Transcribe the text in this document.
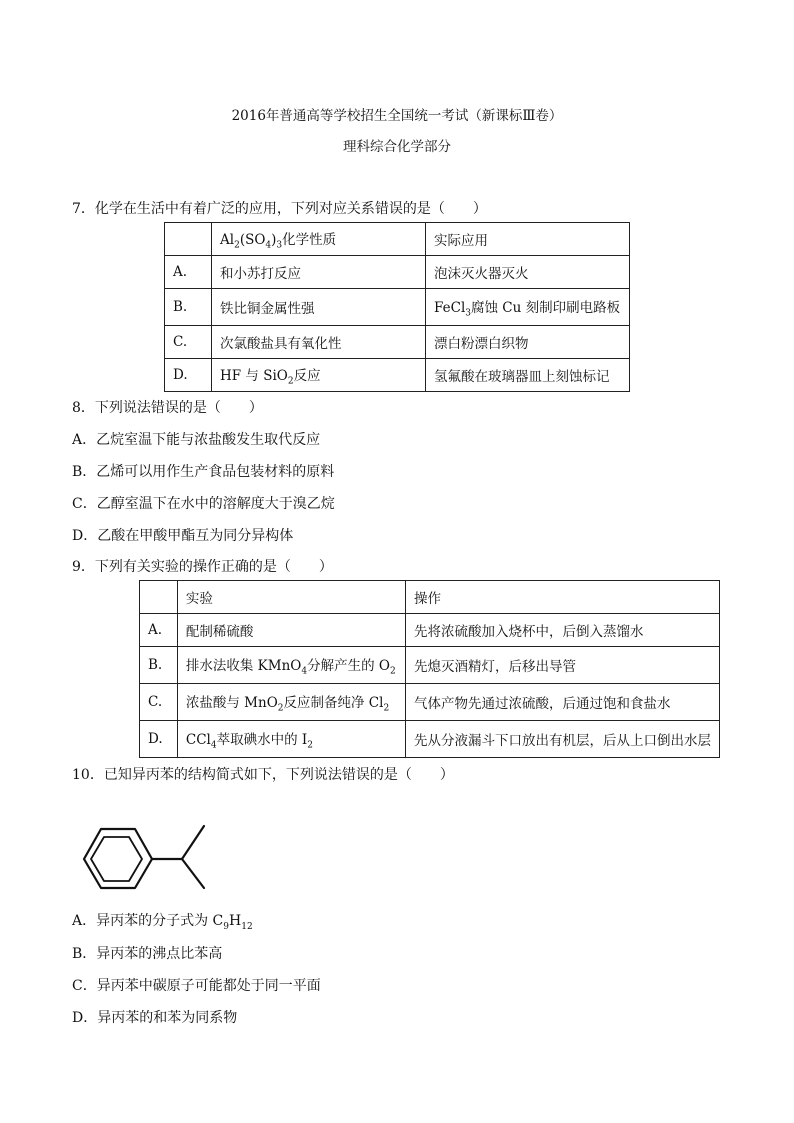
2016年普通高等学校招生全国统一考试（新课标Ⅲ卷）
理科综合化学部分
7．化学在生活中有着广泛的应用，下列对应关系错误的是（　　）
	$Al_2(SO_4)_3$化学性质	实际应用
A.	和小苏打反应	泡沫灭火器灭火
B.	铁比铜金属性强	FeCl$_3$腐蚀 Cu 刻制印刷电路板
C.	次氯酸盐具有氧化性	漂白粉漂白织物
D.	HF 与 SiO$_2$反应	氢氟酸在玻璃器皿上刻蚀标记
8．下列说法错误的是（　　）
A．乙烷室温下能与浓盐酸发生取代反应
B．乙烯可以用作生产食品包装材料的原料
C．乙醇室温下在水中的溶解度大于溴乙烷
D．乙酸在甲酸甲酯互为同分异构体
9．下列有关实验的操作正确的是（　　）
	实验	操作
A.	配制稀硫酸	先将浓硫酸加入烧杯中，后倒入蒸馏水
B.	排水法收集 KMnO$_4$分解产生的 $O_2$	先熄灭酒精灯，后移出导管
C.	浓盐酸与 MnO$_2$反应制备纯净 $Cl_2$	气体产物先通过浓硫酸，后通过饱和食盐水
D.	CCl$_4$萃取碘水中的 $I_2$	先从分液漏斗下口放出有机层，后从上口倒出水层
10．已知异丙苯的结构简式如下，下列说法错误的是（　　）
A．异丙苯的分子式为 $C_9H_{12}$
B．异丙苯的沸点比苯高
C．异丙苯中碳原子可能都处于同一平面
D．异丙苯的和苯为同系物
